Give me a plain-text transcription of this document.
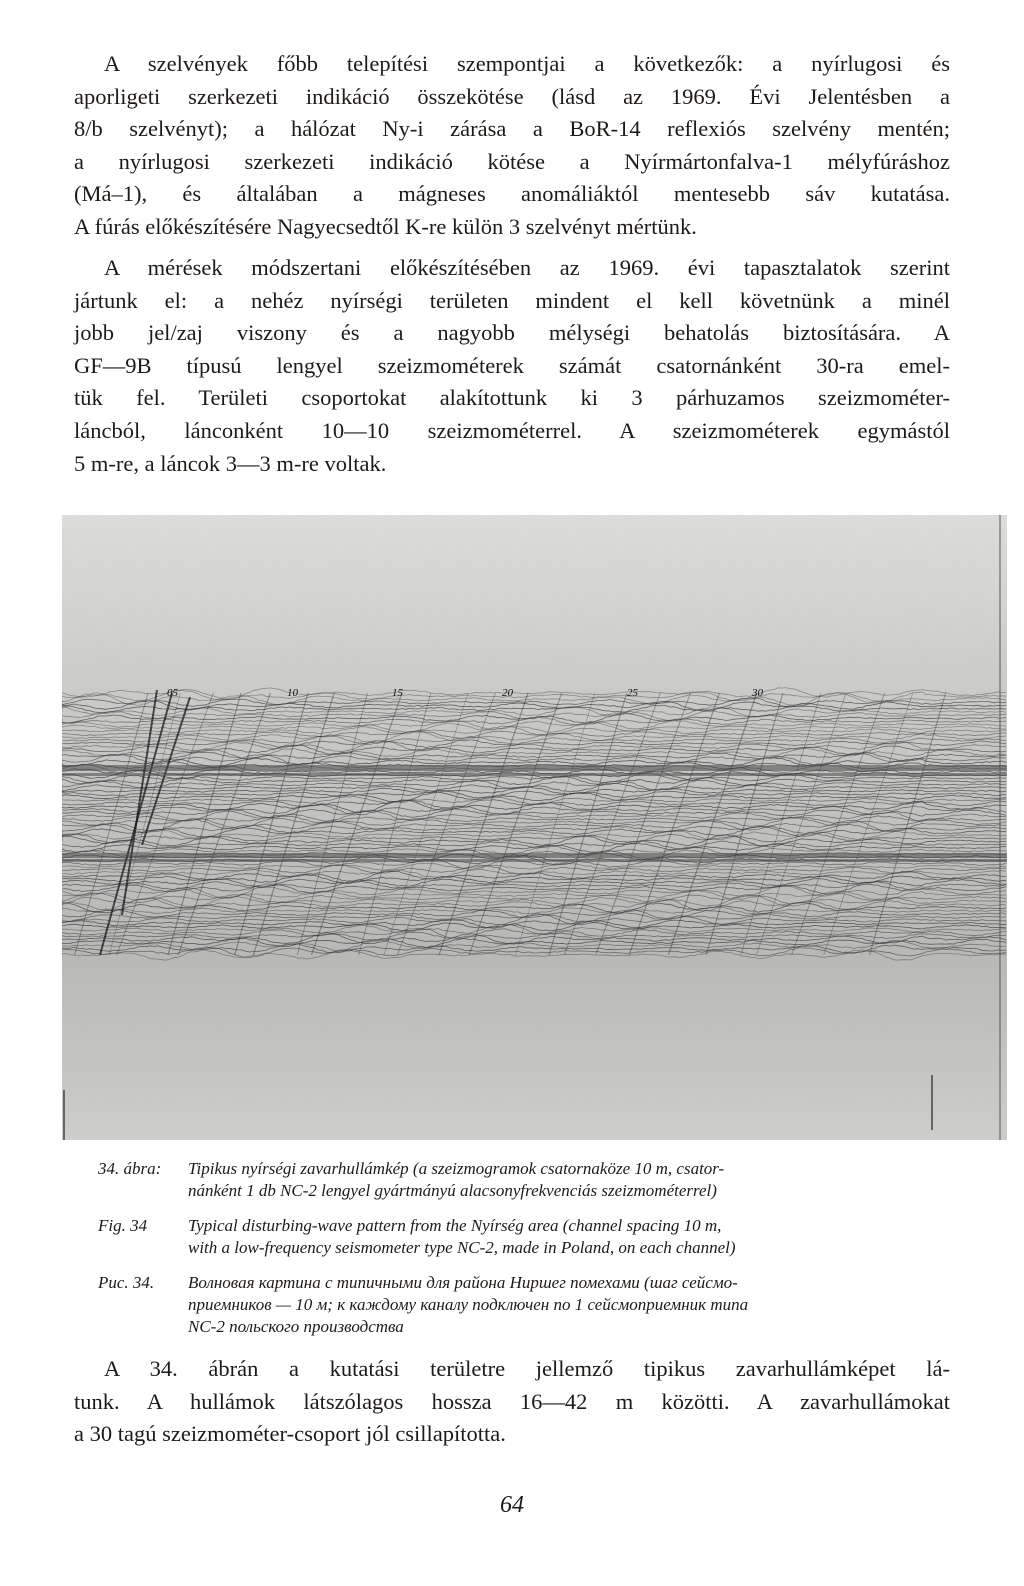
A szelvények főbb telepítési szempontjai a következők: a nyírlugosi és
aporligeti szerkezeti indikáció összekötése (lásd az 1969. Évi Jelentésben a
8/b szelvényt); a hálózat Ny-i zárása a BoR-14 reflexiós szelvény mentén;
a nyírlugosi szerkezeti indikáció kötése a Nyírmártonfalva-1 mélyfúráshoz
(Má–1), és általában a mágneses anomáliáktól mentesebb sáv kutatása.
A fúrás előkészítésére Nagyecsedtől K-re külön 3 szelvényt mértünk.
A mérések módszertani előkészítésében az 1969. évi tapasztalatok szerint
jártunk el: a nehéz nyírségi területen mindent el kell követnünk a minél
jobb jel/zaj viszony és a nagyobb mélységi behatolás biztosítására. A
GF—9B típusú lengyel szeizmométerek számát csatornánként 30-ra emel-
tük fel. Területi csoportokat alakítottunk ki 3 párhuzamos szeizmométer-
láncból, lánconként 10—10 szeizmométerrel. A szeizmométerek egymástól
5 m-re, a láncok 3—3 m-re voltak.
05	10	15	20	25	30
34. ábra:	Tipikus nyírségi zavarhullámkép (a szeizmogramok csatornaköze 10 m, csator-
nánként 1 db NC-2 lengyel gyártmányú alacsonyfrekvenciás szeizmométerrel)
Fig. 34	Typical disturbing-wave pattern from the Nyírség area (channel spacing 10 m,
with a low-frequency seismometer type NC-2, made in Poland, on each channel)
Рис. 34.	Волновая картина с типичными для района Ниршег помехами (шаг сейсмо-
приемников — 10 м; к каждому каналу подключен по 1 сейсмоприемник типа
NC-2 польского производства
A 34. ábrán a kutatási területre jellemző tipikus zavarhullámképet lá-
tunk. A hullámok látszólagos hossza 16—42 m közötti. A zavarhullámokat
a 30 tagú szeizmométer-csoport jól csillapította.
64
